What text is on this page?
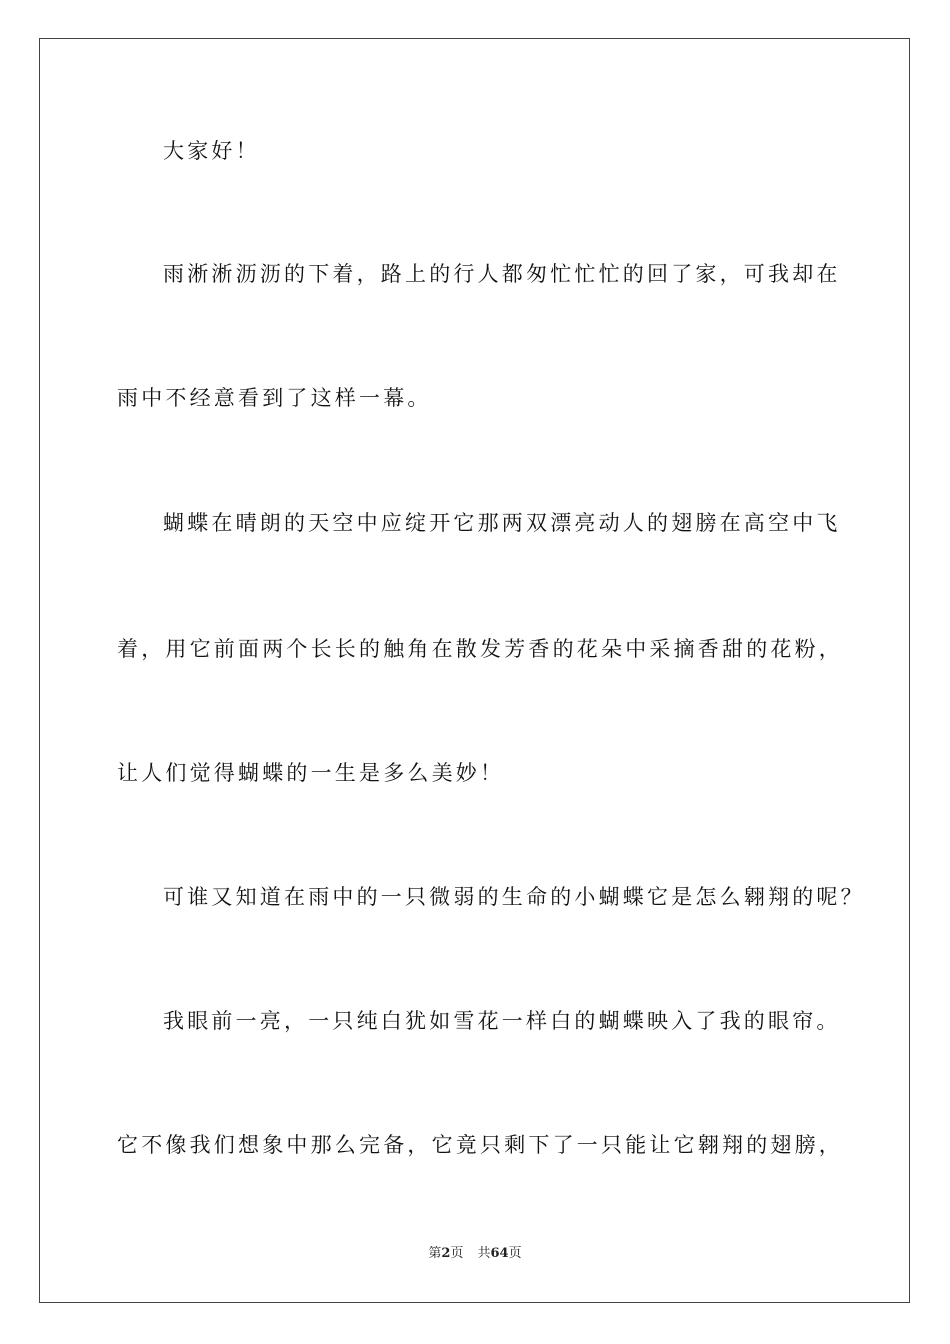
大家好！
雨淅淅沥沥的下着，路上的行人都匆忙忙忙的回了家，可我却在
雨中不经意看到了这样一幕。
蝴蝶在晴朗的天空中应绽开它那两双漂亮动人的翅膀在高空中飞
着，用它前面两个长长的触角在散发芳香的花朵中采摘香甜的花粉，
让人们觉得蝴蝶的一生是多么美妙！
可谁又知道在雨中的一只微弱的生命的小蝴蝶它是怎么翱翔的呢？
我眼前一亮，一只纯白犹如雪花一样白的蝴蝶映入了我的眼帘。
它不像我们想象中那么完备，它竟只剩下了一只能让它翱翔的翅膀，
第2页 共64页
